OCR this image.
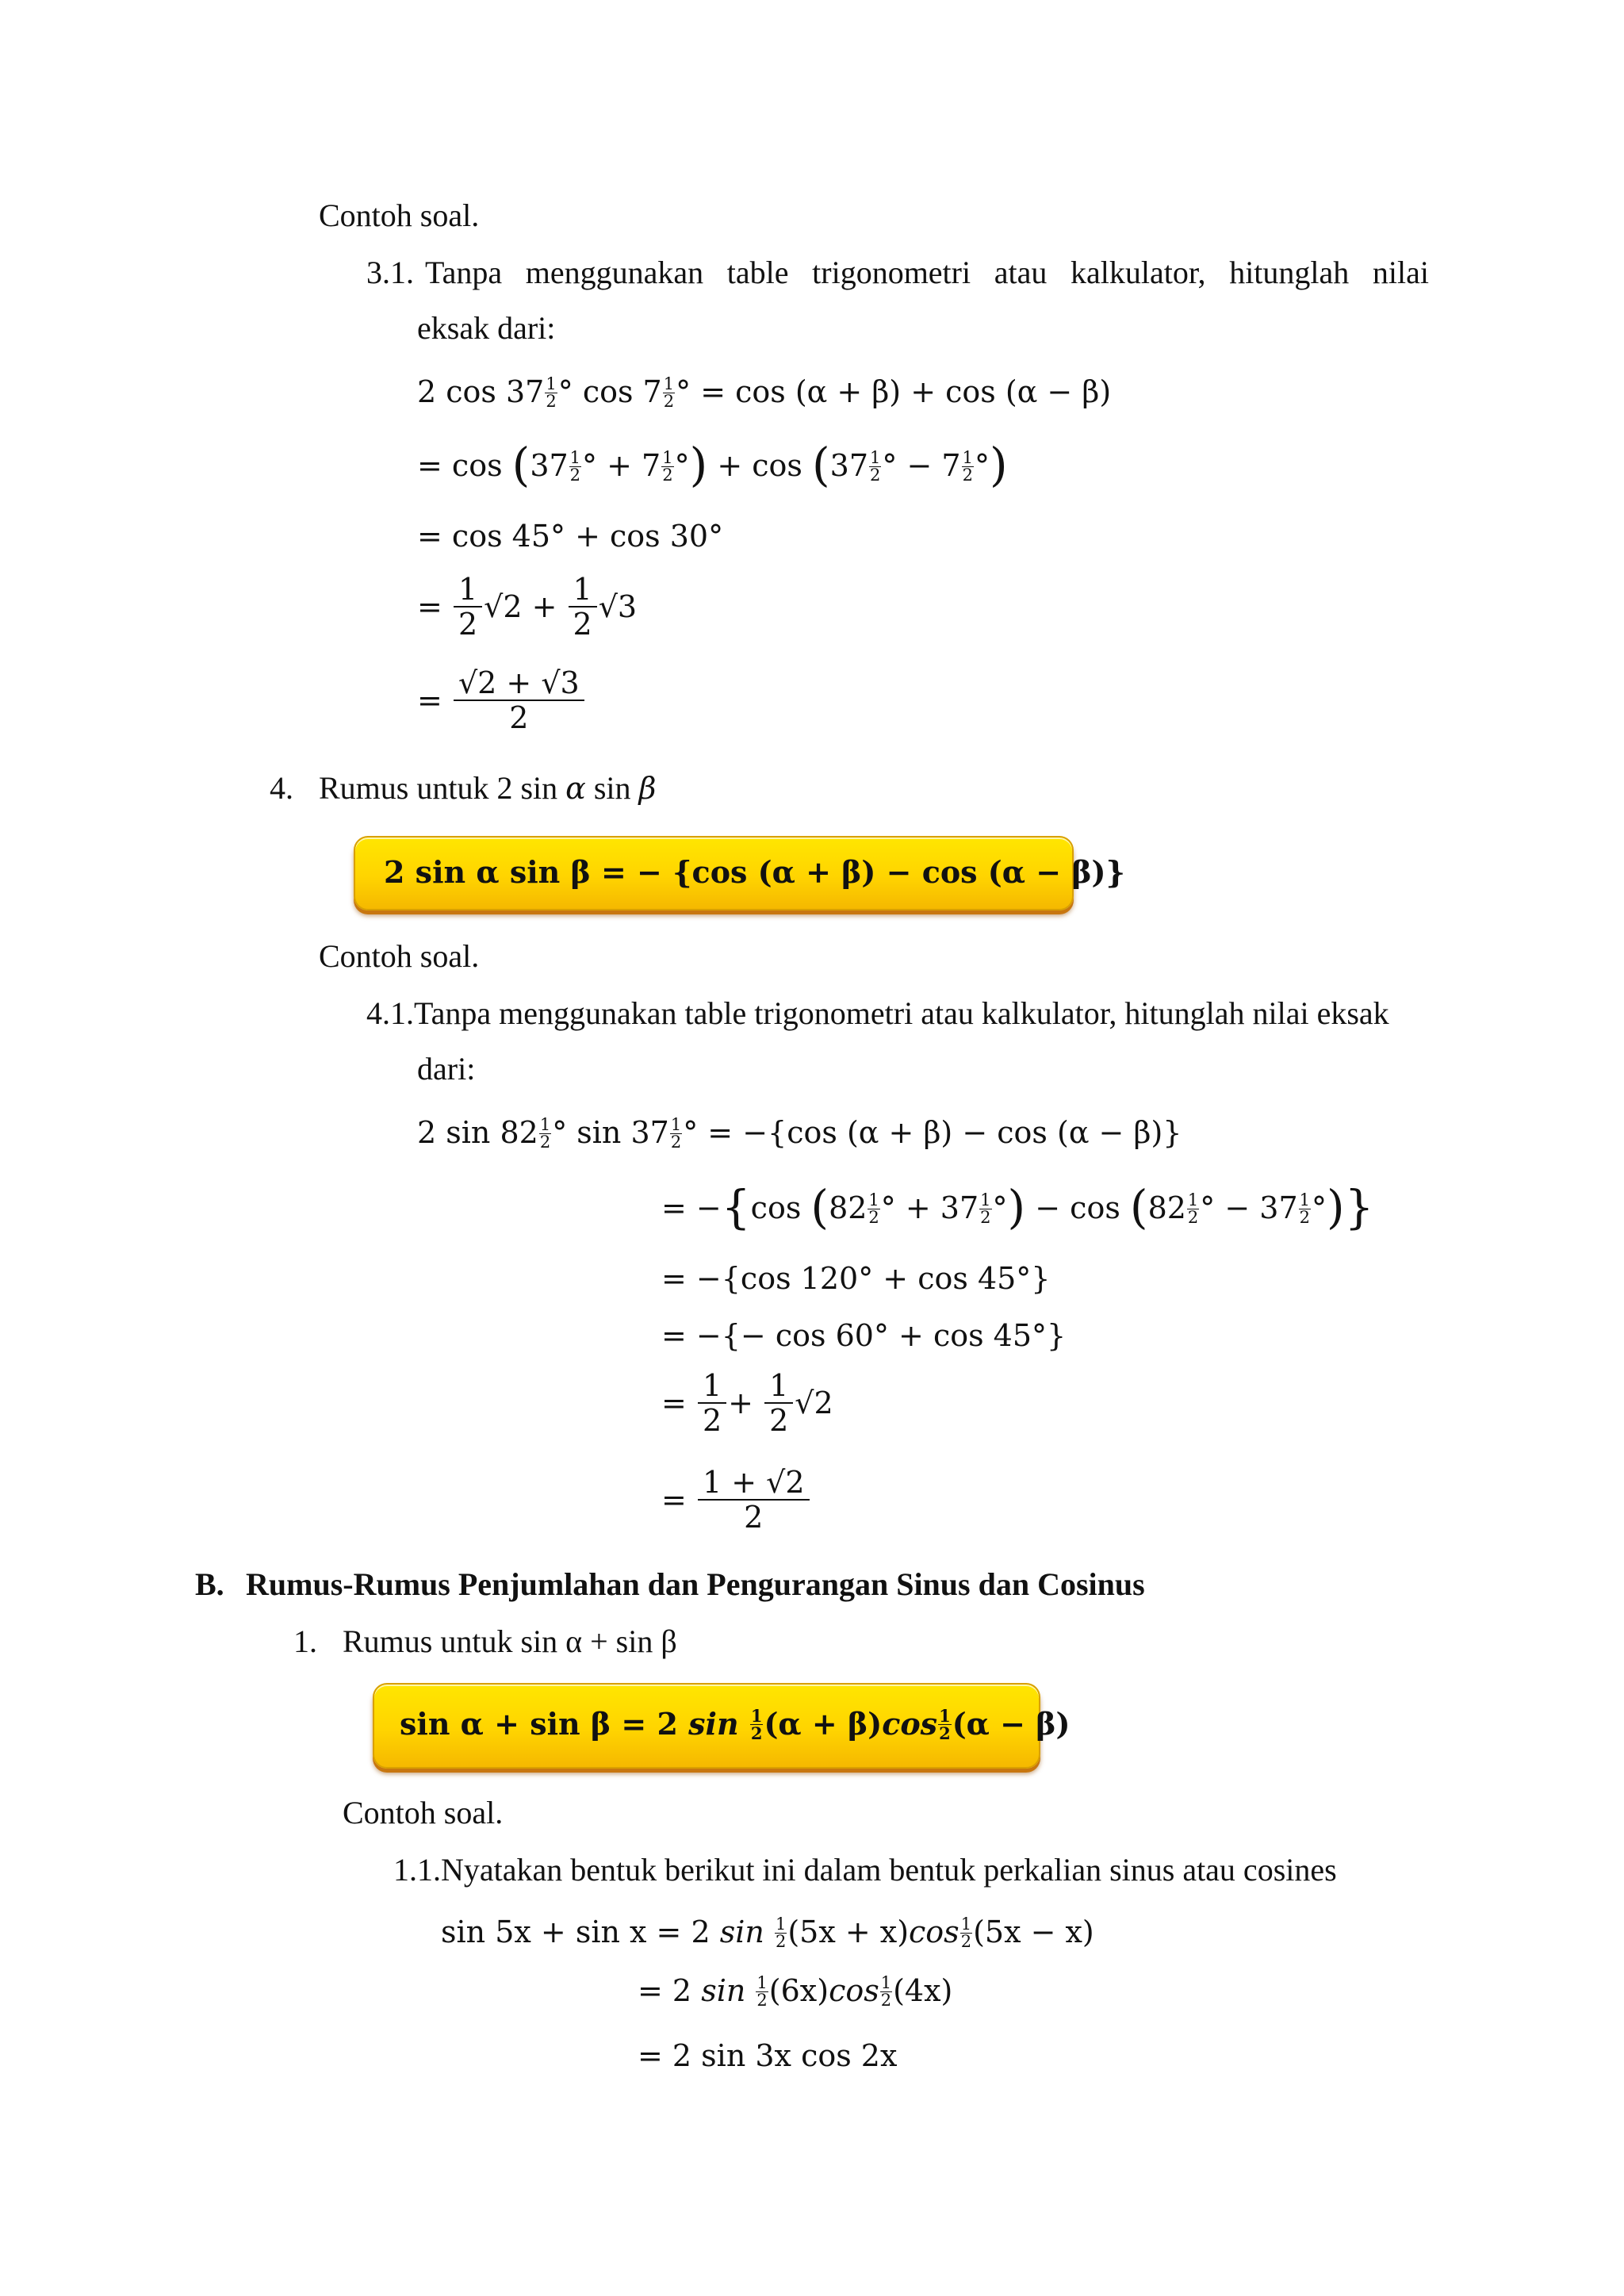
Contoh soal.
3.1. Tanpa menggunakan table trigonometri atau kalkulator, hitunglah nilai
eksak dari:
2 $\cos 37 \frac{1}{2}$ ° $\cos 7 \frac{1}{2}$ ° = cos (α + β) + cos (α − β)
= $\cos (37 \frac{1}{2}$ ° + $7 \frac{1}{2}$ °) + $\cos (37 \frac{1}{2}$ ° − $7 \frac{1}{2}$ °)
= cos 45° + cos 30°
= $\frac{1}{2} √2 + \frac{1}{2} √3$
= $\frac{√2 + √3}{2}$
4. Rumus untuk 2 sin α sin β
2 sin α sin β = − {cos (α + β) − cos (α − β)}
Contoh soal.
4.1.Tanpa menggunakan table trigonometri atau kalkulator, hitunglah nilai eksak
dari:
2 $\sin 82 \frac{1}{2}$ ° $\sin 37 \frac{1}{2}$ ° = −{cos (α + β) − cos (α − β)}
= −{cos ($82 \frac{1}{2}$ ° + $37 \frac{1}{2}$ °) − $\cos (82 \frac{1}{2}$ ° − $37 \frac{1}{2}$ °)}
= −{cos 120° + cos 45°}
= −{− cos 60° + cos 45°}
= $\frac{1}{2} + \frac{1}{2} √2$
= $\frac{1 + √2}{2}$
B. Rumus-Rumus Penjumlahan dan Pengurangan Sinus dan Cosinus
1. Rumus untuk sin α + sin β
sin α + sin β = 2 $\sin \frac{1}{2} (\alpha + \beta)\cos \frac{1}{2} (\alpha - \beta)$
Contoh soal.
1.1.Nyatakan bentuk berikut ini dalam bentuk perkalian sinus atau cosines
sin 5x + sin x = 2 $\sin \frac{1}{2} (5x + x)\cos \frac{1}{2} (5x - x)$
= 2 $\sin \frac{1}{2} (6x)\cos \frac{1}{2} (4x)$
= 2 sin 3x cos 2x
